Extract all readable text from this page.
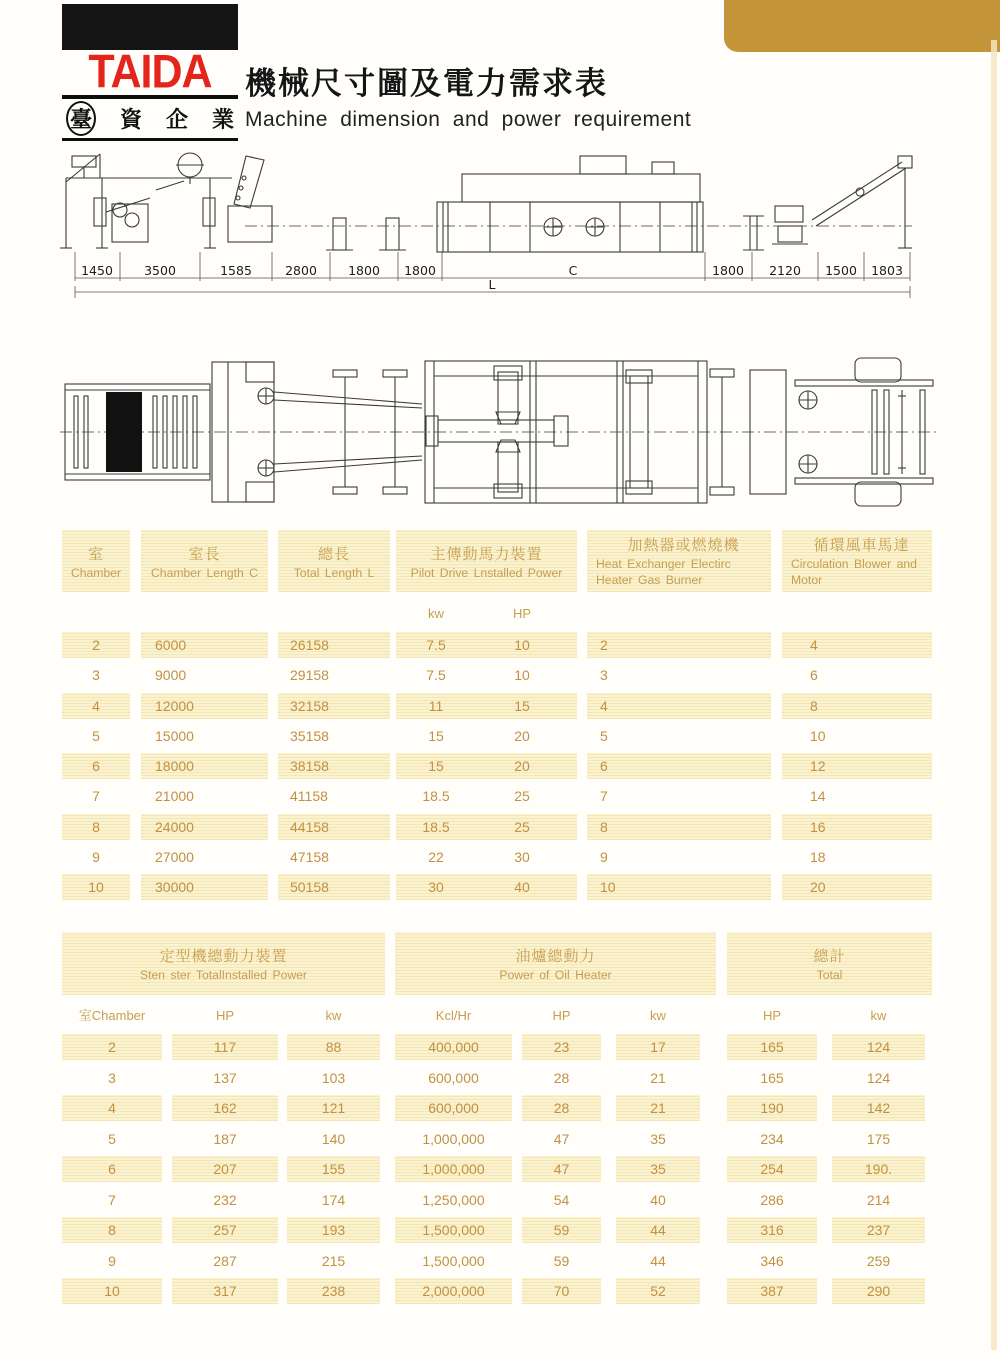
TAIDA
臺 資 企 業
機械尺寸圖及電力需求表
Machine dimension and power requirement
1450 3500	1585	2800 1800 1800	C	1800 2120 1500 1803
L
室
Chamber
室長
Chamber Length C
總長
Total Length L
主傳動馬力裝置
Pilot Drive Lnstalled Power
加熱器或燃燒機
Heat Exchanger Electirc Heater Gas Burner
循環風車馬達
Circulation Blower and Motor
kw	HP
2	6000	26158	7.5	10	2	4
3	9000	29158	7.5	10	3	6
4	12000	32158	11	15	4	8
5	15000	35158	15	20	5	10
6	18000	38158	15	20	6	12
7	21000	41158	18.5	25	7	14
8	24000	44158	18.5	25	8	16
9	27000	47158	22	30	9	18
10	30000	50158	30	40	10	20
定型機總動力裝置
Sten ster TotalInstalled Power
油爐總動力
Power of Oil Heater
總計
Total
室Chamber	HP	kw	Kcl/Hr	HP	kw	HP	kw
2	117	88	400,000	23	17	165	124
3	137	103	600,000	28	21	165	124
4	162	121	600,000	28	21	190	142
5	187	140	1,000,000	47	35	234	175
6	207	155	1,000,000	47	35	254	190.
7	232	174	1,250,000	54	40	286	214
8	257	193	1,500,000	59	44	316	237
9	287	215	1,500,000	59	44	346	259
10	317	238	2,000,000	70	52	387	290
